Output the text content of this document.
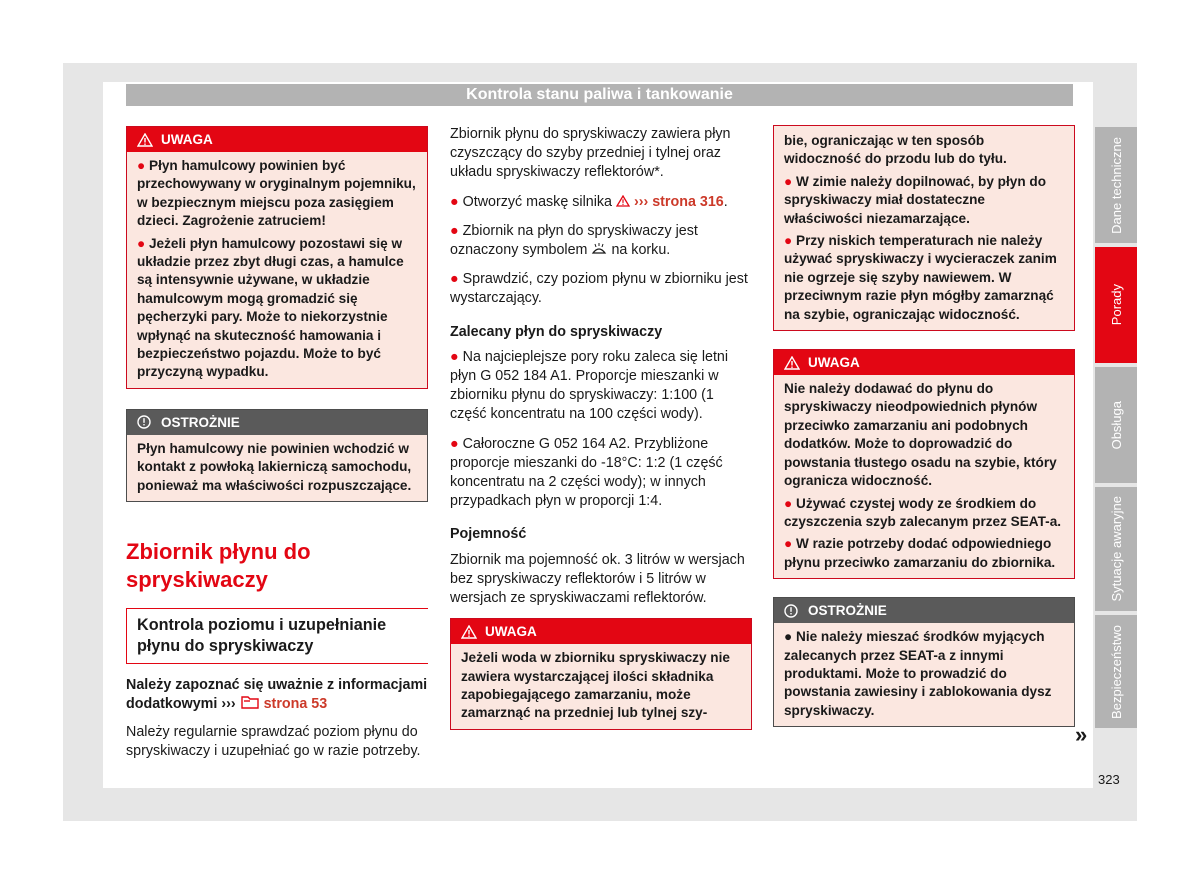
Kontrola stanu paliwa i tankowanie
UWAGA

● Płyn hamulcowy powinien być przechowywany w oryginalnym pojemniku, w bezpiecznym miejscu poza zasięgiem dzieci. Zagrożenie zatruciem!

● Jeżeli płyn hamulcowy pozostawi się w układzie przez zbyt długi czas, a hamulce są intensywnie używane, w układzie hamulcowym mogą gromadzić się pęcherzyki pary. Może to niekorzystnie wpłynąć na skuteczność hamowania i bezpieczeństwo pojazdu. Może to być przyczyną wypadku.

OSTROŻNIE

Płyn hamulcowy nie powinien wchodzić w kontakt z powłoką lakierniczą samochodu, ponieważ ma właściwości rozpuszczające.

Zbiornik płynu do spryskiwaczy
Kontrola poziomu i uzupełnianie płynu do spryskiwaczy

Należy zapoznać się uważnie z informacjami dodatkowymi ››› strona 53

Należy regularnie sprawdzać poziom płynu do spryskiwaczy i uzupełniać go w razie potrzeby.

Zbiornik płynu do spryskiwaczy zawiera płyn czyszczący do szyby przedniej i tylnej oraz układu spryskiwaczy reflektorów*.

● Otworzyć maskę silnika ››› strona 316.

● Zbiornik na płyn do spryskiwaczy jest oznaczony symbolem na korku.

● Sprawdzić, czy poziom płynu w zbiorniku jest wystarczający.

Zalecany płyn do spryskiwaczy

● Na najcieplejsze pory roku zaleca się letni płyn G 052 184 A1. Proporcje mieszanki w zbiorniku płynu do spryskiwaczy: 1:100 (1 część koncentratu na 100 części wody).

● Całoroczne G 052 164 A2. Przybliżone proporcje mieszanki do -18°C: 1:2 (1 część koncentratu na 2 części wody); w innych przypadkach płyn w proporcji 1:4.

Pojemność

Zbiornik ma pojemność ok. 3 litrów w wersjach bez spryskiwaczy reflektorów i 5 litrów w wersjach ze spryskiwaczami reflektorów.

UWAGA

Jeżeli woda w zbiorniku spryskiwaczy nie zawiera wystarczającej ilości składnika zapobiegającego zamarzaniu, może zamarznąć na przedniej lub tylnej szy-

bie, ograniczając w ten sposób widoczność do przodu lub do tyłu.

● W zimie należy dopilnować, by płyn do spryskiwaczy miał dostateczne właściwości niezamarzające.

● Przy niskich temperaturach nie należy używać spryskiwaczy i wycieraczek zanim nie ogrzeje się szyby nawiewem. W przeciwnym razie płyn mógłby zamarznąć na szybie, ograniczając widoczność.

UWAGA

Nie należy dodawać do płynu do spryskiwaczy nieodpowiednich płynów przeciwko zamarzaniu ani podobnych dodatków. Może to doprowadzić do powstania tłustego osadu na szybie, który ogranicza widoczność.

● Używać czystej wody ze środkiem do czyszczenia szyb zalecanym przez SEAT-a.

● W razie potrzeby dodać odpowiedniego płynu przeciwko zamarzaniu do zbiornika.

OSTROŻNIE

● Nie należy mieszać środków myjących zalecanych przez SEAT-a z innymi produktami. Może to prowadzić do powstania zawiesiny i zablokowania dysz spryskiwaczy.

»
Dane techniczne
Porady
Obsługa
Sytuacje awaryjne
Bezpieczeństwo
323
